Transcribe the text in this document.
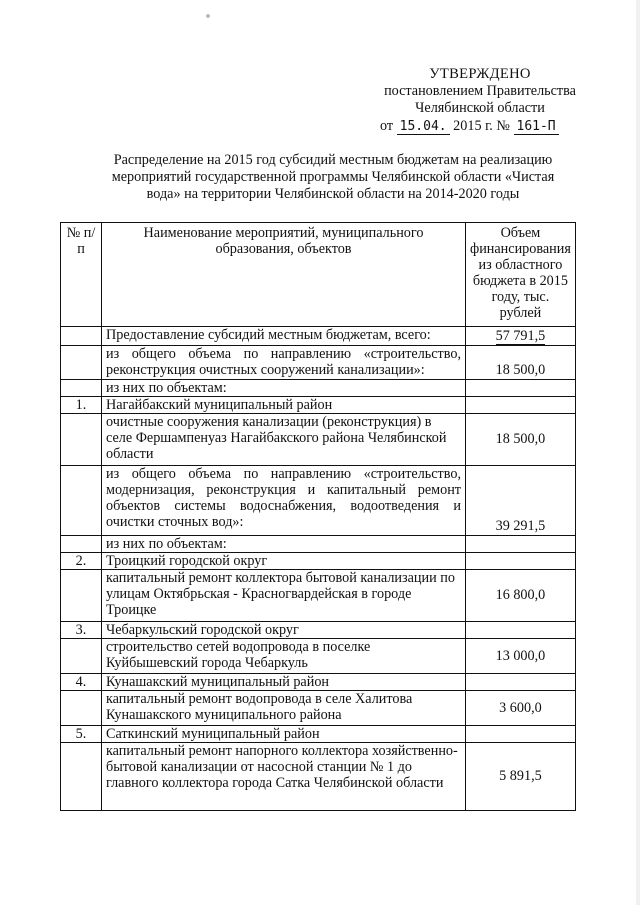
УТВЕРЖДЕНО
постановлением Правительства
Челябинской области
от 15.04. 2015 г. № 161-П
Распределение на 2015 год субсидий местным бюджетам на реализацию
мероприятий государственной программы Челябинской области «Чистая
вода» на территории Челябинской области на 2014-2020 годы
№ п/п	Наименование мероприятий, муниципального образования, объектов	Объем финансирования из областного бюджета в 2015 году, тыс. рублей
	Предоставление субсидий местным бюджетам, всего:	57 791,5
	из общего объема по направлению «строительство, реконструкция очистных сооружений канализации»:	18 500,0
	из них по объектам:	
1.	Нагайбакский муниципальный район	
	очистные сооружения канализации (реконструкция) в селе Фершампенуаз Нагайбакского района Челябинской области	18 500,0
	из общего объема по направлению «строительство, модернизация, реконструкция и капитальный ремонт объектов системы водоснабжения, водоотведения и очистки сточных вод»:	39 291,5
	из них по объектам:	
2.	Троицкий городской округ	
	капитальный ремонт коллектора бытовой канализации по улицам Октябрьская - Красногвардейская в городе Троицке	16 800,0
3.	Чебаркульский городской округ	
	строительство сетей водопровода в поселке Куйбышевский города Чебаркуль	13 000,0
4.	Кунашакский муниципальный район	
	капитальный ремонт водопровода в селе Халитова Кунашакского муниципального района	3 600,0
5.	Саткинский муниципальный район	
	капитальный ремонт напорного коллектора хозяйственно-бытовой канализации от насосной станции № 1 до главного коллектора города Сатка Челябинской области	5 891,5
